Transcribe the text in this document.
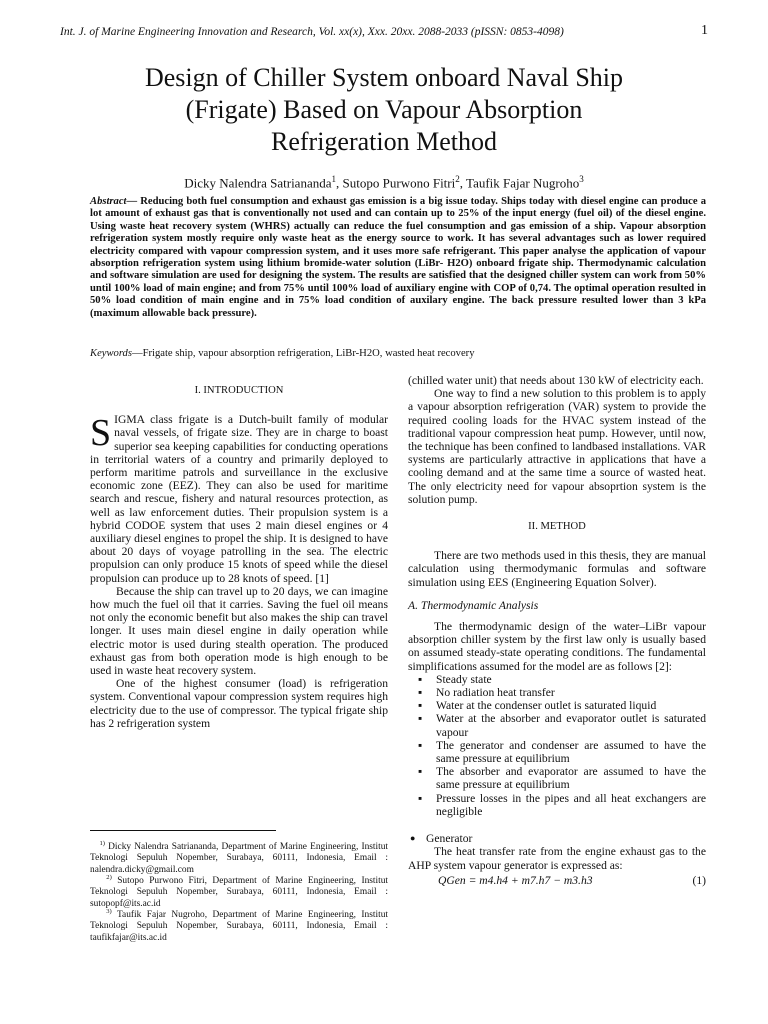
Int. J. of Marine Engineering Innovation and Research, Vol. xx(x), Xxx. 20xx. 2088-2033 (pISSN: 0853-4098)	1
Design of Chiller System onboard Naval Ship
(Frigate) Based on Vapour Absorption
Refrigeration Method
Dicky Nalendra Satriananda$^1$, Sutopo Purwono Fitri$^2$, Taufik Fajar Nugroho$^3$
Abstract— Reducing both fuel consumption and exhaust gas emission is a big issue today. Ships today with diesel engine can produce a lot amount of exhaust gas that is conventionally not used and can contain up to 25% of the input energy (fuel oil) of the diesel engine. Using waste heat recovery system (WHRS) actually can reduce the fuel consumption and gas emission of a ship. Vapour absorption refrigeration system mostly require only waste heat as the energy source to work. It has several advantages such as lower required electricity compared with vapour compression system, and it uses more safe refrigerant. This paper analyse the application of vapour absorption refrigeration system using lithium bromide-water solution (LiBr- H2O) onboard frigate ship. Thermodynamic calculation and software simulation are used for designing the system. The results are satisfied that the designed chiller system can work from 50% until 100% load of main engine; and from 75% until 100% load of auxiliary engine with COP of 0,74. The optimal operation resulted in 50% load condition of main engine and in 75% load condition of auxilary engine. The back pressure resulted lower than 3 kPa (maximum allowable back pressure).
Keywords—Frigate ship, vapour absorption refrigeration, LiBr-H2O, wasted heat recovery
I. INTRODUCTION

SIGMA class frigate is a Dutch-built family of modular naval vessels, of frigate size. They are in charge to boast superior sea keeping capabilities for conducting operations in territorial waters of a country and primarily deployed to perform maritime patrols and surveillance in the exclusive economic zone (EEZ). They can also be used for maritime search and rescue, fishery and natural resources protection, as well as law enforcement duties. Their propulsion system is a hybrid CODOE system that uses 2 main diesel engines or 4 auxiliary diesel engines to propel the ship. It is designed to have about 20 days of voyage patrolling in the sea. The electric propulsion can only produce 15 knots of speed while the diesel propulsion can produce up to 28 knots of speed. [1]

Because the ship can travel up to 20 days, we can imagine how much the fuel oil that it carries. Saving the fuel oil means not only the economic benefit but also makes the ship can travel longer. It uses main diesel engine in daily operation while electric motor is used during stealth operation. The produced exhaust gas from both operation mode is high enough to be used in waste heat recovery system.

One of the highest consumer (load) is refrigeration system. Conventional vapour compression system requires high electricity due to the use of compressor. The typical frigate ship has 2 refrigeration system

$^{1)}$ Dicky Nalendra Satriananda, Department of Marine Engineering, Institut Teknologi Sepuluh Nopember, Surabaya, 60111, Indonesia, Email : nalendra.dicky@gmail.com
$^{2)}$ Sutopo Purwono Fitri, Department of Marine Engineering, Institut Teknologi Sepuluh Nopember, Surabaya, 60111, Indonesia, Email : sutopopf@its.ac.id
$^{3)}$ Taufik Fajar Nugroho, Department of Marine Engineering, Institut Teknologi Sepuluh Nopember, Surabaya, 60111, Indonesia, Email : taufikfajar@its.ac.id

(chilled water unit) that needs about 130 kW of electricity each.

One way to find a new solution to this problem is to apply a vapour absorption refrigeration (VAR) system to provide the required cooling loads for the HVAC system instead of the traditional vapour compression heat pump. However, until now, the technique has been confined to landbased installations. VAR systems are particularly attractive in applications that have a cooling demand and at the same time a source of wasted heat. The only electricity need for vapour absoprtion system is the solution pump.

II. METHOD

There are two methods used in this thesis, they are manual calculation using thermodymanic formulas and software simulation using EES (Engineering Equation Solver).

A. Thermodynamic Analysis

The thermodynamic design of the water–LiBr vapour absorption chiller system by the first law only is usually based on assumed steady-state operating conditions. The fundamental simplifications assumed for the model are as follows [2]:

▪ Steady state
▪ No radiation heat transfer
▪ Water at the condenser outlet is saturated liquid
▪ Water at the absorber and evaporator outlet is saturated vapour
▪ The generator and condenser are assumed to have the same pressure at equilibrium
▪ The absorber and evaporator are assumed to have the same pressure at equilibrium
▪ Pressure losses in the pipes and all heat exchangers are negligible
● Generator

The heat transfer rate from the engine exhaust gas to the AHP system vapour generator is expressed as:

QGen = m4.h4 + m7.h7 − m3.h3	(1)
